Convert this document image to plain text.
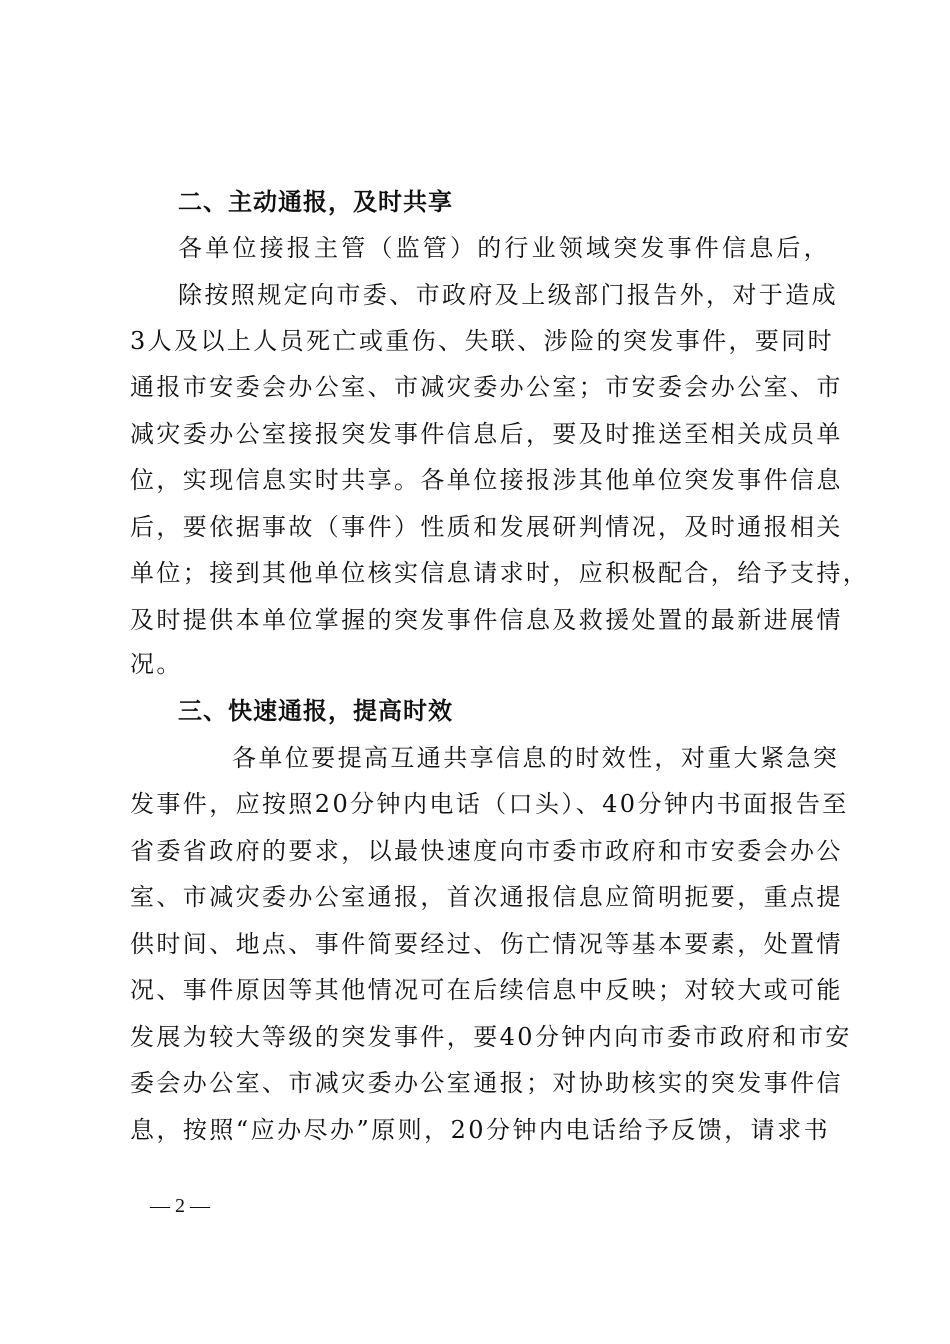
二、主动通报，及时共享
各单位接报主管（监管）的行业领域突发事件信息后，
除按照规定向市委、市政府及上级部门报告外，对于造成
3人及以上人员死亡或重伤、失联、涉险的突发事件，要同时
通报市安委会办公室、市减灾委办公室；市安委会办公室、市
减灾委办公室接报突发事件信息后，要及时推送至相关成员单
位，实现信息实时共享。各单位接报涉其他单位突发事件信息
后，要依据事故（事件）性质和发展研判情况，及时通报相关
单位；接到其他单位核实信息请求时，应积极配合，给予支持，
及时提供本单位掌握的突发事件信息及救援处置的最新进展情
况。
三、快速通报，提高时效
各单位要提高互通共享信息的时效性，对重大紧急突
发事件，应按照20分钟内电话（口头）、40分钟内书面报告至
省委省政府的要求，以最快速度向市委市政府和市安委会办公
室、市减灾委办公室通报，首次通报信息应简明扼要，重点提
供时间、地点、事件简要经过、伤亡情况等基本要素，处置情
况、事件原因等其他情况可在后续信息中反映；对较大或可能
发展为较大等级的突发事件，要40分钟内向市委市政府和市安
委会办公室、市减灾委办公室通报；对协助核实的突发事件信
息，按照“应办尽办”原则，20分钟内电话给予反馈，请求书
— 2 —
